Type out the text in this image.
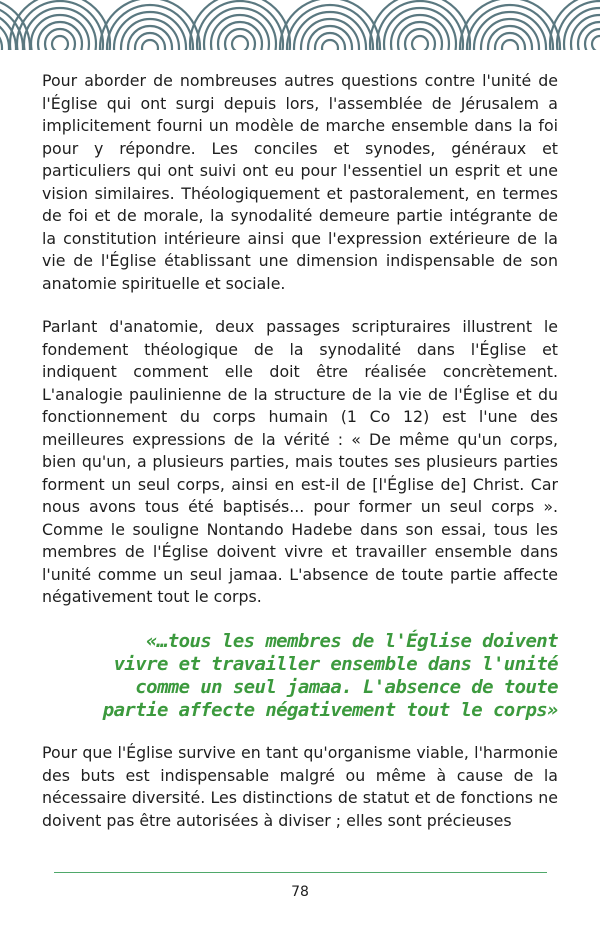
Pour aborder de nombreuses autres questions contre l'unité de l'Église qui ont surgi depuis lors, l'assemblée de Jérusalem a implicitement fourni un modèle de marche ensemble dans la foi pour y répondre. Les conciles et synodes, généraux et particuliers qui ont suivi ont eu pour l'essentiel un esprit et une vision similaires. Théologiquement et pastoralement, en termes de foi et de morale, la synodalité demeure partie intégrante de la constitution intérieure ainsi que l'expression extérieure de la vie de l'Église établissant une dimension indispensable de son anatomie spirituelle et sociale.

Parlant d'anatomie, deux passages scripturaires illustrent le fondement théologique de la synodalité dans l'Église et indiquent comment elle doit être réalisée concrètement. L'analogie paulinienne de la structure de la vie de l'Église et du fonctionnement du corps humain (1 Co 12) est l'une des meilleures expressions de la vérité : « De même qu'un corps, bien qu'un, a plusieurs parties, mais toutes ses plusieurs parties forment un seul corps, ainsi en est-il de [l'Église de] Christ. Car nous avons tous été baptisés... pour former un seul corps ». Comme le souligne Nontando Hadebe dans son essai, tous les membres de l'Église doivent vivre et travailler ensemble dans l'unité comme un seul jamaa. L'absence de toute partie affecte négativement tout le corps.

«…tous les membres de l'Église doivent vivre et travailler ensemble dans l'unité comme un seul jamaa. L'absence de toute partie affecte négativement tout le corps»

Pour que l'Église survive en tant qu'organisme viable, l'harmonie des buts est indispensable malgré ou même à cause de la nécessaire diversité. Les distinctions de statut et de fonctions ne doivent pas être autorisées à diviser ; elles sont précieuses

78
